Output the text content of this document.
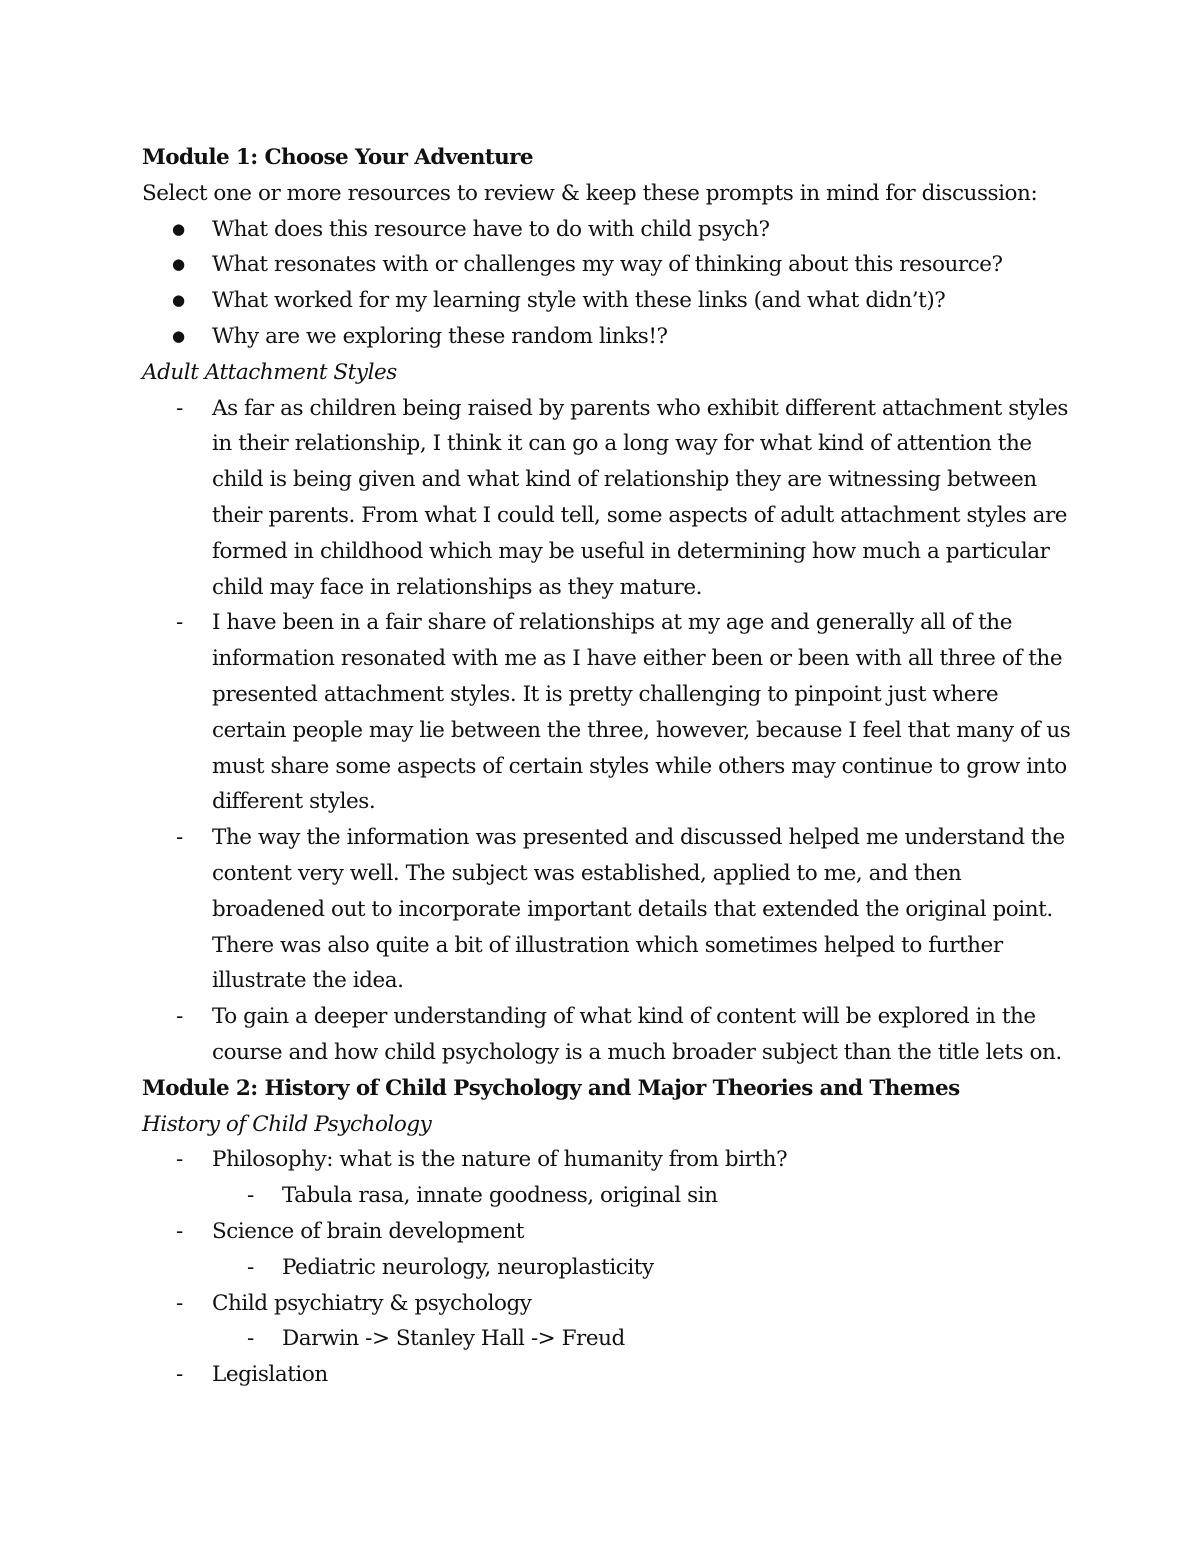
Module 1: Choose Your Adventure
Select one or more resources to review & keep these prompts in mind for discussion:
● What does this resource have to do with child psych?
● What resonates with or challenges my way of thinking about this resource?
● What worked for my learning style with these links (and what didn’t)?
● Why are we exploring these random links!?
Adult Attachment Styles
- As far as children being raised by parents who exhibit different attachment styles
in their relationship, I think it can go a long way for what kind of attention the
child is being given and what kind of relationship they are witnessing between
their parents. From what I could tell, some aspects of adult attachment styles are
formed in childhood which may be useful in determining how much a particular
child may face in relationships as they mature.
- I have been in a fair share of relationships at my age and generally all of the
information resonated with me as I have either been or been with all three of the
presented attachment styles. It is pretty challenging to pinpoint just where
certain people may lie between the three, however, because I feel that many of us
must share some aspects of certain styles while others may continue to grow into
different styles.
- The way the information was presented and discussed helped me understand the
content very well. The subject was established, applied to me, and then
broadened out to incorporate important details that extended the original point.
There was also quite a bit of illustration which sometimes helped to further
illustrate the idea.
- To gain a deeper understanding of what kind of content will be explored in the
course and how child psychology is a much broader subject than the title lets on.
Module 2: History of Child Psychology and Major Theories and Themes
History of Child Psychology
- Philosophy: what is the nature of humanity from birth?
- Tabula rasa, innate goodness, original sin
- Science of brain development
- Pediatric neurology, neuroplasticity
- Child psychiatry & psychology
- Darwin -> Stanley Hall -> Freud
- Legislation
